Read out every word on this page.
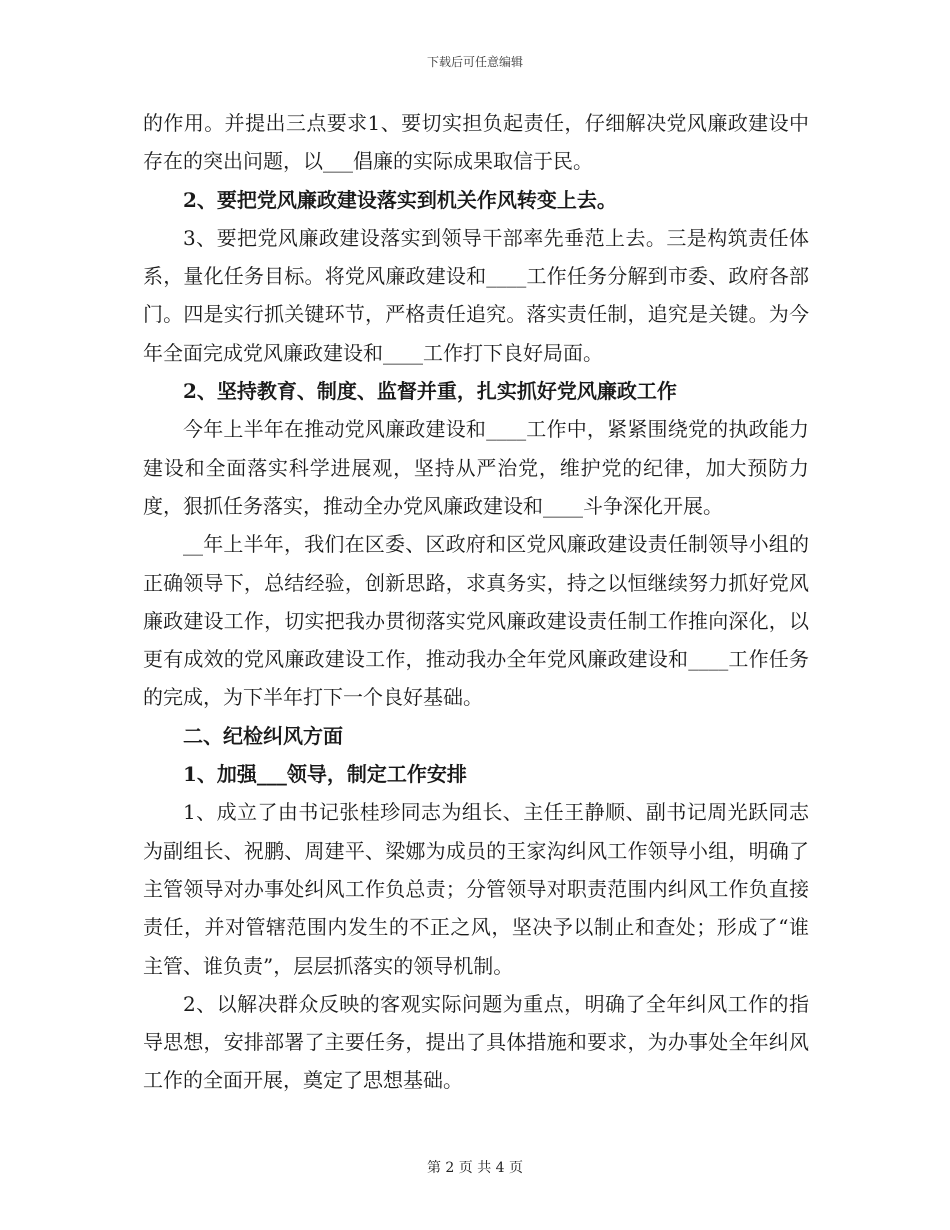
下载后可任意编辑

的作用。并提出三点要求1、要切实担负起责任，仔细解决党风廉政建设中存在的突出问题，以___倡廉的实际成果取信于民。

2、要把党风廉政建设落实到机关作风转变上去。

3、要把党风廉政建设落实到领导干部率先垂范上去。三是构筑责任体系，量化任务目标。将党风廉政建设和____工作任务分解到市委、政府各部门。四是实行抓关键环节，严格责任追究。落实责任制，追究是关键。为今年全面完成党风廉政建设和____工作打下良好局面。

2、坚持教育、制度、监督并重，扎实抓好党风廉政工作

今年上半年在推动党风廉政建设和____工作中，紧紧围绕党的执政能力建设和全面落实科学进展观，坚持从严治党，维护党的纪律，加大预防力度，狠抓任务落实，推动全办党风廉政建设和____斗争深化开展。

__年上半年，我们在区委、区政府和区党风廉政建设责任制领导小组的正确领导下，总结经验，创新思路，求真务实，持之以恒继续努力抓好党风廉政建设工作，切实把我办贯彻落实党风廉政建设责任制工作推向深化，以更有成效的党风廉政建设工作，推动我办全年党风廉政建设和____工作任务的完成，为下半年打下一个良好基础。

二、纪检纠风方面

1、加强___领导，制定工作安排

1、成立了由书记张桂珍同志为组长、主任王静顺、副书记周光跃同志为副组长、祝鹏、周建平、梁娜为成员的王家沟纠风工作领导小组，明确了主管领导对办事处纠风工作负总责；分管领导对职责范围内纠风工作负直接责任，并对管辖范围内发生的不正之风，坚决予以制止和查处；形成了“谁主管、谁负责”，层层抓落实的领导机制。

2、以解决群众反映的客观实际问题为重点，明确了全年纠风工作的指导思想，安排部署了主要任务，提出了具体措施和要求，为办事处全年纠风工作的全面开展，奠定了思想基础。

第 2 页 共 4 页
